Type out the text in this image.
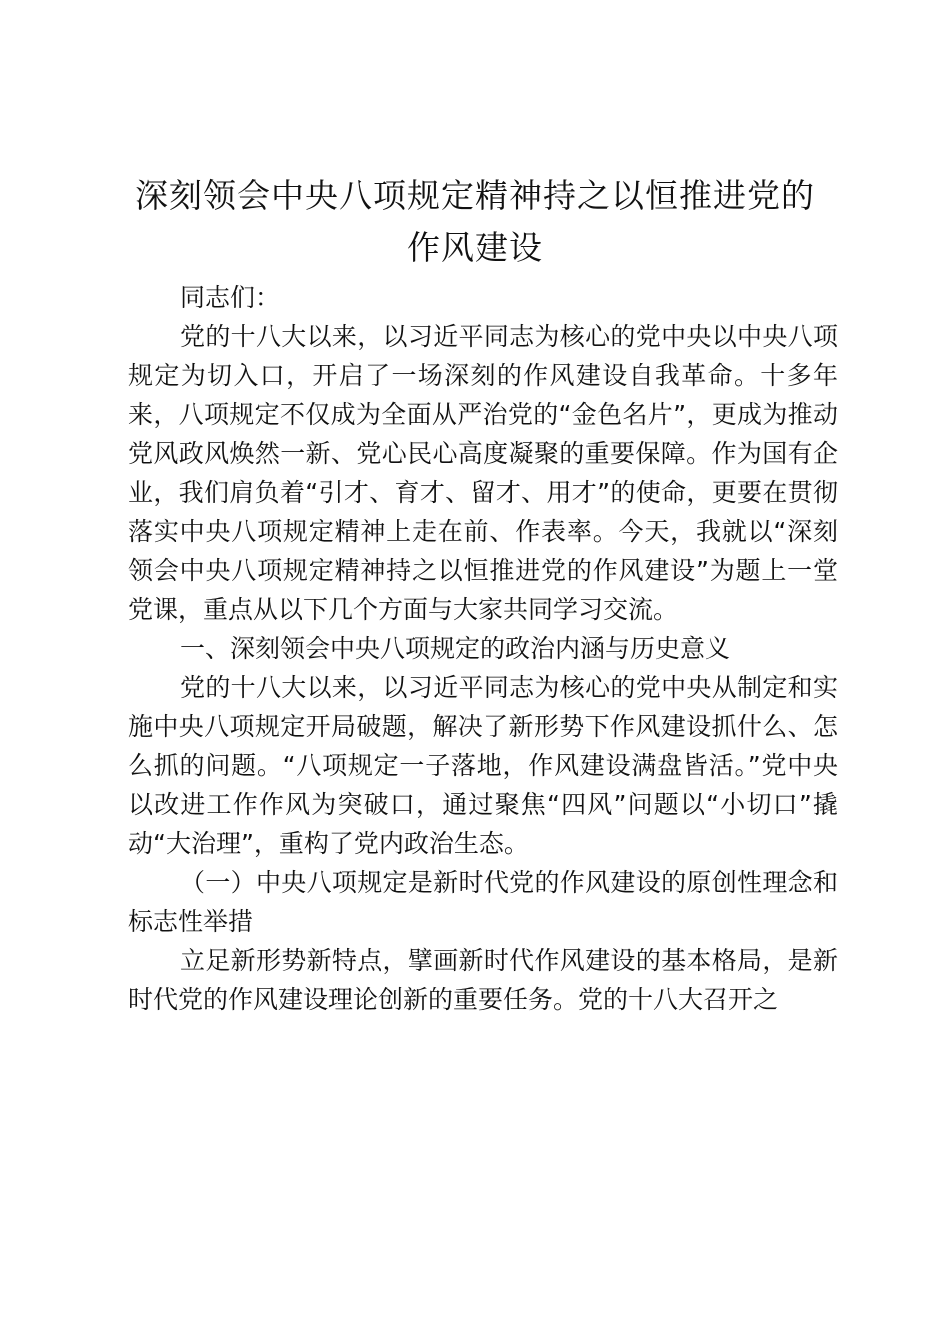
深刻领会中央八项规定精神持之以恒推进党的
作风建设

同志们：

党的十八大以来，以习近平同志为核心的党中央以中央八项规定为切入口，开启了一场深刻的作风建设自我革命。十多年来，八项规定不仅成为全面从严治党的“金色名片”，更成为推动党风政风焕然一新、党心民心高度凝聚的重要保障。作为国有企业，我们肩负着“引才、育才、留才、用才”的使命，更要在贯彻落实中央八项规定精神上走在前、作表率。今天，我就以“深刻领会中央八项规定精神持之以恒推进党的作风建设”为题上一堂党课，重点从以下几个方面与大家共同学习交流。

一、深刻领会中央八项规定的政治内涵与历史意义

党的十八大以来，以习近平同志为核心的党中央从制定和实施中央八项规定开局破题，解决了新形势下作风建设抓什么、怎么抓的问题。“八项规定一子落地，作风建设满盘皆活。”党中央以改进工作作风为突破口，通过聚焦“四风”问题以“小切口”撬动“大治理”，重构了党内政治生态。

（一）中央八项规定是新时代党的作风建设的原创性理念和标志性举措

立足新形势新特点，擘画新时代作风建设的基本格局，是新时代党的作风建设理论创新的重要任务。党的十八大召开之
